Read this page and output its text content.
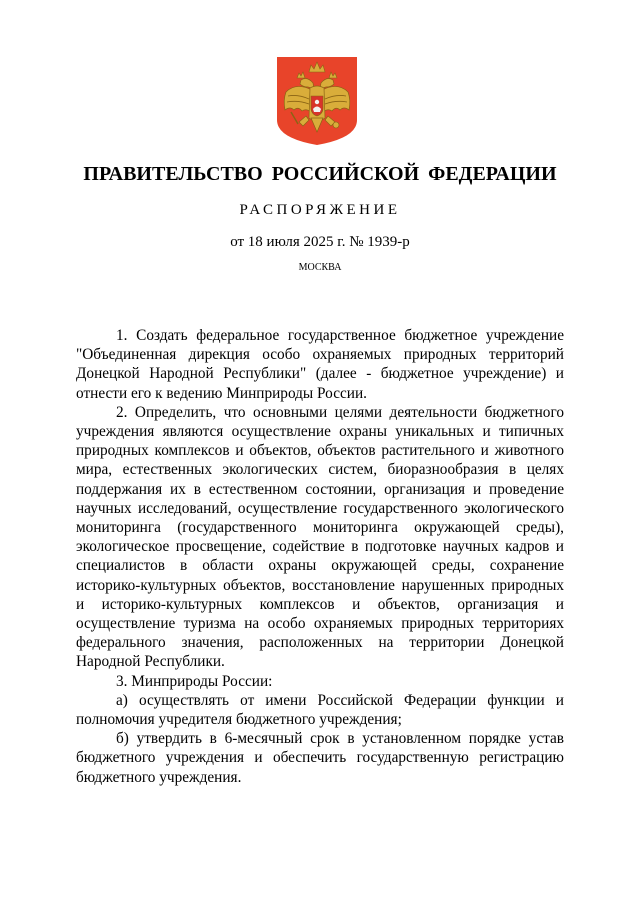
ПРАВИТЕЛЬСТВО РОССИЙСКОЙ ФЕДЕРАЦИИ
РАСПОРЯЖЕНИЕ
от 18 июля 2025 г. № 1939-р
МОСКВА

1. Создать федеральное государственное бюджетное учреждение "Объединенная дирекция особо охраняемых природных территорий Донецкой Народной Республики" (далее - бюджетное учреждение) и отнести его к ведению Минприроды России.

2. Определить, что основными целями деятельности бюджетного учреждения являются осуществление охраны уникальных и типичных природных комплексов и объектов, объектов растительного и животного мира, естественных экологических систем, биоразнообразия в целях поддержания их в естественном состоянии, организация и проведение научных исследований, осуществление государственного экологического мониторинга (государственного мониторинга окружающей среды), экологическое просвещение, содействие в подготовке научных кадров и специалистов в области охраны окружающей среды, сохранение историко-культурных объектов, восстановление нарушенных природных и историко-культурных комплексов и объектов, организация и осуществление туризма на особо охраняемых природных территориях федерального значения, расположенных на территории Донецкой Народной Республики.

3. Минприроды России:

а) осуществлять от имени Российской Федерации функции и полномочия учредителя бюджетного учреждения;

б) утвердить в 6-месячный срок в установленном порядке устав бюджетного учреждения и обеспечить государственную регистрацию бюджетного учреждения.
